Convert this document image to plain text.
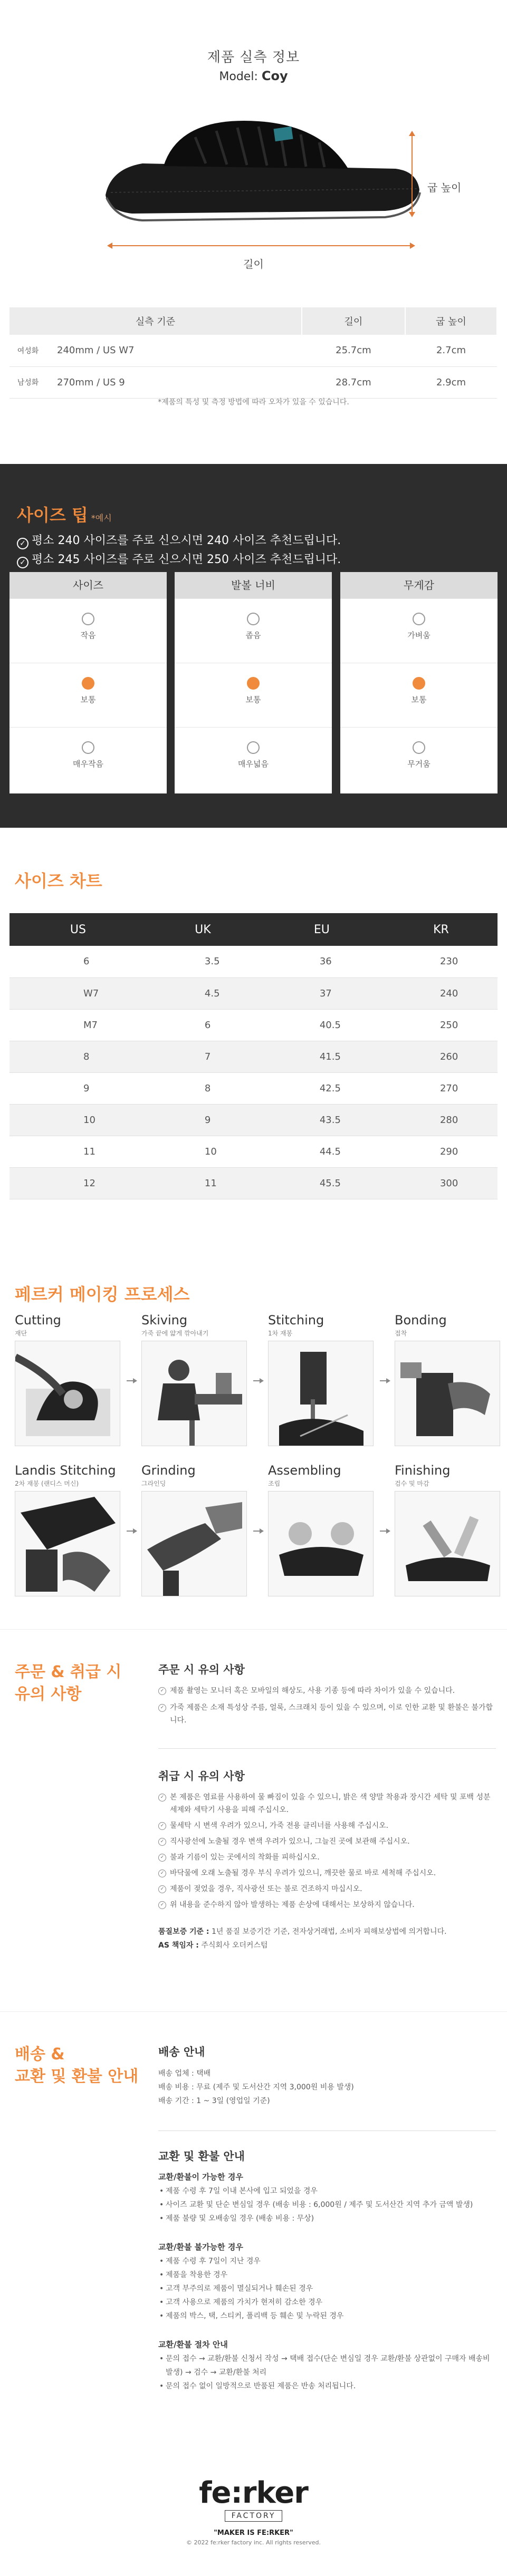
제품 실측 정보
Model: Coy
굽 높이
길이
실측 기준		길이	굽 높이
여성화	240mm / US W7	25.7cm	2.7cm
남성화	270mm / US 9	28.7cm	2.9cm
*제품의 특성 및 측정 방법에 따라 오차가 있을 수 있습니다.
사이즈 팁 *예시
✓ 평소 240 사이즈를 주로 신으시면 240 사이즈 추천드립니다.
✓ 평소 245 사이즈를 주로 신으시면 250 사이즈 추천드립니다.
사이즈
작음
보통
매우작음
발볼 너비
좁음
보통
매우넓음
무게감
가벼움
보통
무거움
사이즈 차트
US	UK	EU	KR
6	3.5	36	230
W7	4.5	37	240
M7	6	40.5	250
8	7	41.5	260
9	8	42.5	270
10	9	43.5	280
11	10	44.5	290
12	11	45.5	300
페르커 메이킹 프로세스
Cutting
재단
Skiving
가죽 끝에 얇게 깎아내기
Stitching
1차 재봉
Bonding
접착
Landis Stitching
2차 재봉 (랜디스 머신)
Grinding
그라인딩
Assembling
조립
Finishing
검수 및 마감
주문 & 취급 시
유의 사항
주문 시 유의 사항
✓ 제품 촬영는 모니터 혹은 모바일의 해상도, 사용 기종 등에 따라 차이가 있을 수 있습니다.
✓ 가죽 제품은 소재 특성상 주름, 얼룩, 스크래치 등이 있을 수 있으며, 이로 인한 교환 및 환불은 불가합니다.
취급 시 유의 사항
✓ 본 제품은 염료를 사용하여 물 빠짐이 있을 수 있으니, 밝은 색 양말 착용과 장시간 세탁 및 포백 성분 세제와 세탁기 사용을 피해 주십시오.
✓ 물세탁 시 변색 우려가 있으니, 가죽 전용 클리너를 사용해 주십시오.
✓ 직사광선에 노출될 경우 변색 우려가 있으니, 그늘진 곳에 보관해 주십시오.
✓ 불과 기름이 있는 곳에서의 착화를 피하십시오.
✓ 바닥물에 오래 노출될 경우 부식 우려가 있으니, 깨끗한 물로 바로 세척해 주십시오.
✓ 제품이 젖었을 경우, 직사광선 또는 불로 건조하지 마십시오.
✓ 위 내용을 준수하지 않아 발생하는 제품 손상에 대해서는 보상하지 않습니다.
품질보증 기준 : 1년 품질 보증기간 기준, 전자상거래법, 소비자 피해보상법에 의거합니다.
AS 책임자 : 주식회사 오더커스텀
배송 &
교환 및 환불 안내
배송 안내
배송 업체 : 택배
배송 비용 : 무료 (제주 및 도서산간 지역 3,000원 비용 발생)
배송 기간 : 1 ~ 3일 (영업일 기준)
교환 및 환불 안내
교환/환불이 가능한 경우
• 제품 수령 후 7일 이내 본사에 입고 되었을 경우
• 사이즈 교환 및 단순 변심일 경우 (배송 비용 : 6,000원 / 제주 및 도서산간 지역 추가 금액 발생)
• 제품 불량 및 오배송일 경우 (배송 비용 : 무상)
교환/환불 불가능한 경우
• 제품 수령 후 7일이 지난 경우
• 제품을 착용한 경우
• 고객 부주의로 제품이 멸실되거나 훼손된 경우
• 고객 사용으로 제품의 가치가 현저히 감소한 경우
• 제품의 박스, 택, 스티커, 폴리백 등 훼손 및 누락된 경우
교환/환불 절차 안내
• 문의 접수 → 교환/환불 신청서 작성 → 택배 접수(단순 변심일 경우 교환/환불 상관없이 구매자 배송비 발생) → 검수 → 교환/환불 처리
• 문의 접수 없이 일방적으로 반품된 제품은 반송 처리됩니다.
fe:rker
FACTORY
"MAKER IS FE:RKER"
© 2022 fe:rker factory inc. All rights reserved.
